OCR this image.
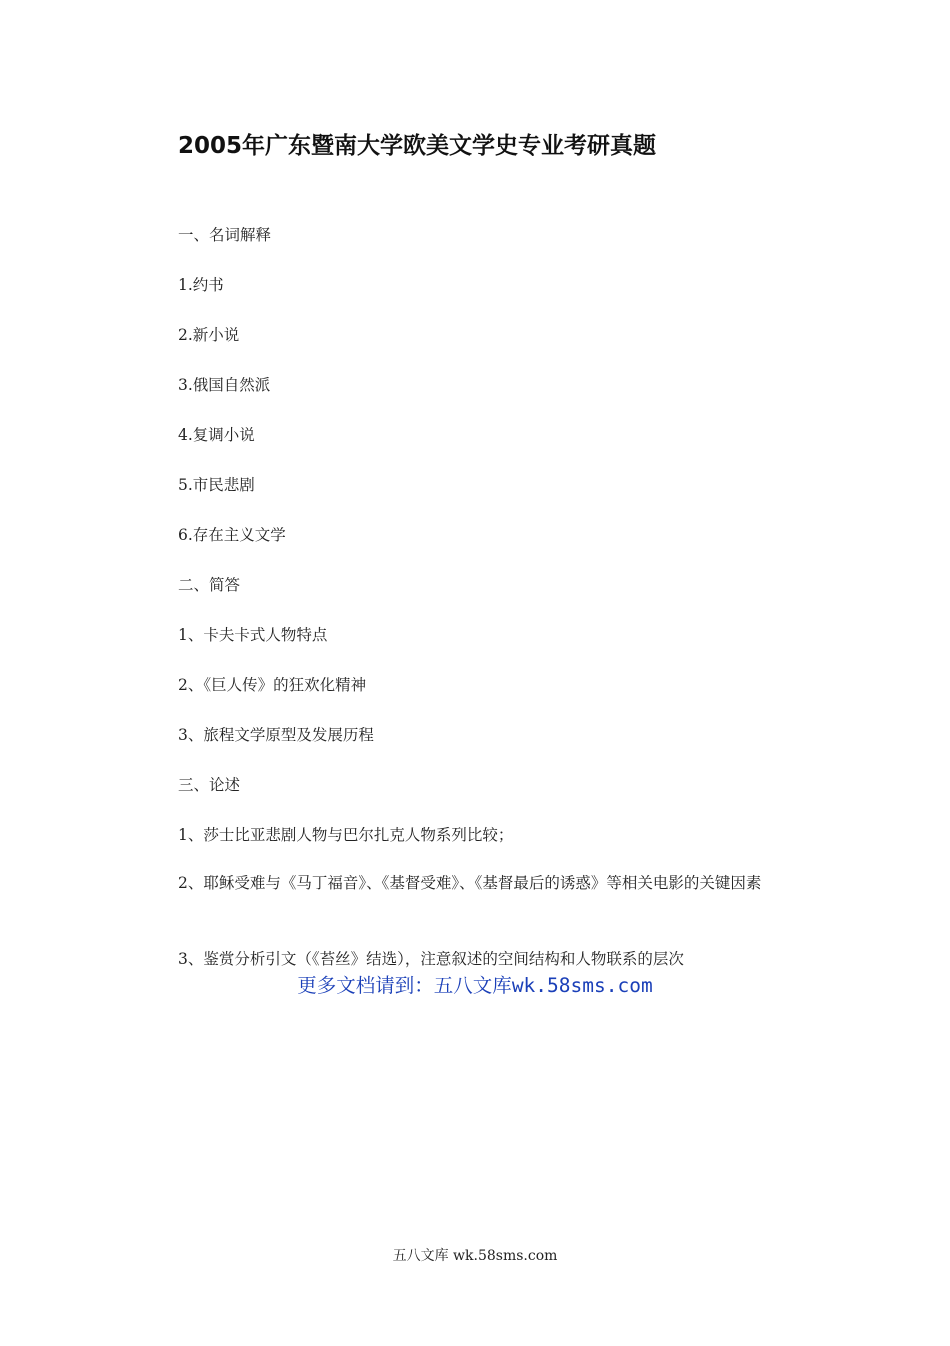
2005年广东暨南大学欧美文学史专业考研真题
一、名词解释
1.约书
2.新小说
3.俄国自然派
4.复调小说
5.市民悲剧
6.存在主义文学
二、简答
1、卡夫卡式人物特点
2、《巨人传》的狂欢化精神
3、旅程文学原型及发展历程
三、论述
1、莎士比亚悲剧人物与巴尔扎克人物系列比较；
2、耶稣受难与《马丁福音》、《基督受难》、《基督最后的诱惑》等相关电影的关键因素
3、鉴赏分析引文（《苔丝》结选），注意叙述的空间结构和人物联系的层次
更多文档请到：五八文库wk.58sms.com
五八文库 wk.58sms.com
